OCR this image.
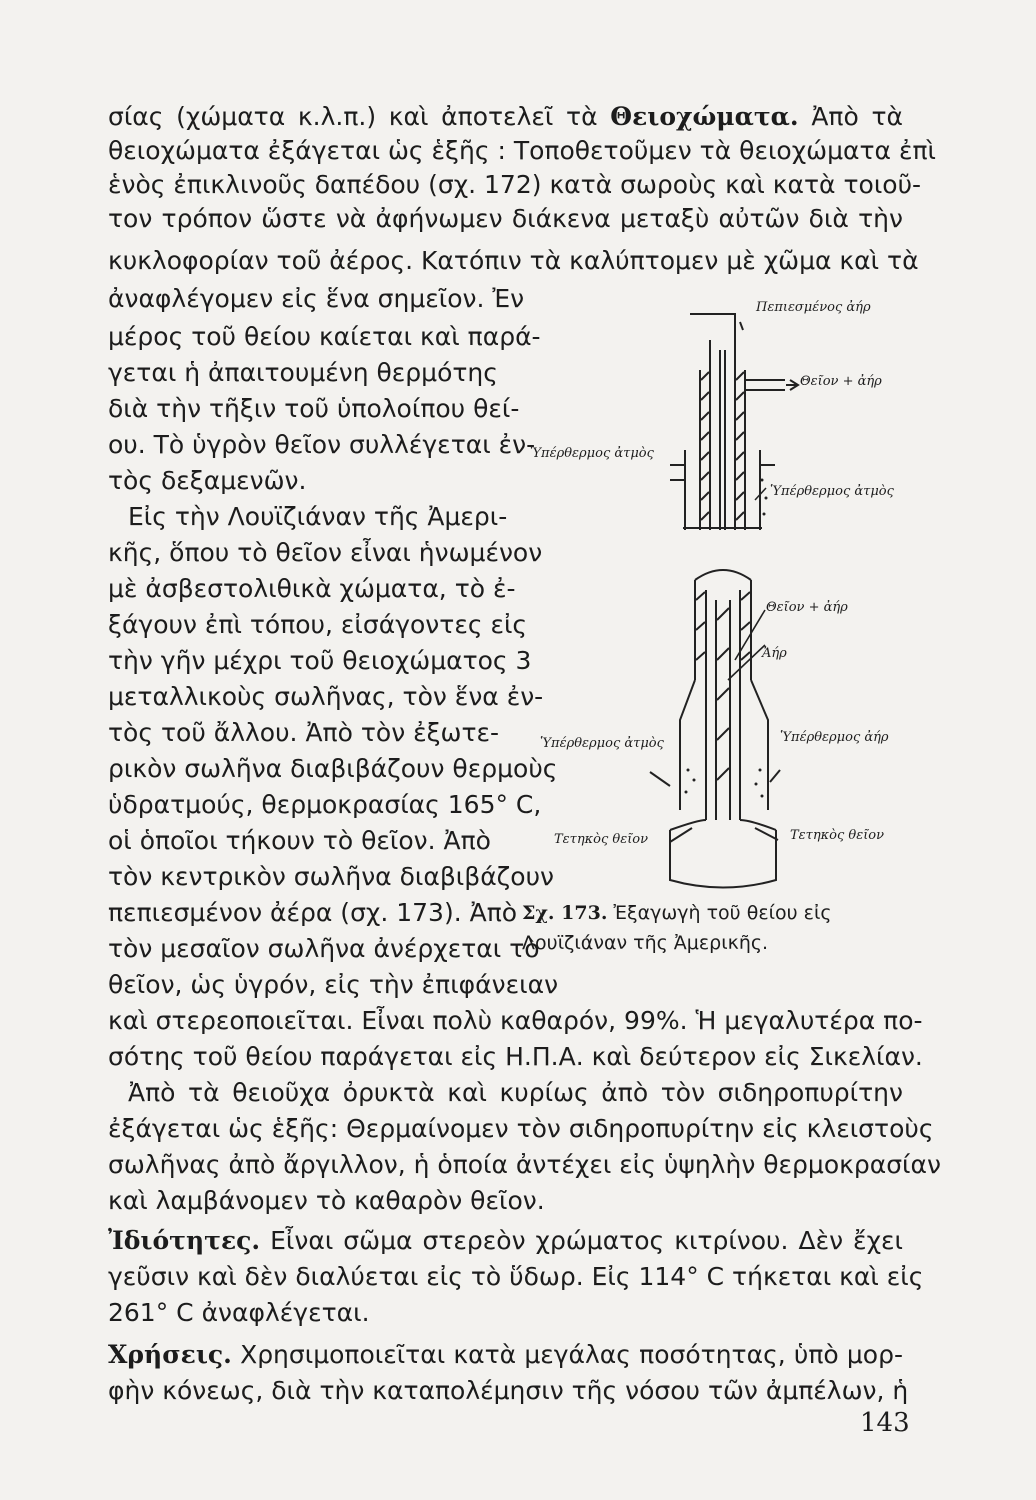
σίας (χώματα κ.λ.π.) καὶ ἀποτελεῖ τὰ Θειοχώματα. Ἀπὸ τὰ
θειοχώματα ἐξάγεται ὡς ἑξῆς : Τοποθετοῦμεν τὰ θειοχώματα ἐπὶ
ἑνὸς ἐπικλινοῦς δαπέδου (σχ. 172) κατὰ σωροὺς καὶ κατὰ τοιοῦ-
τον τρόπον ὥστε νὰ ἀφήνωμεν διάκενα μεταξὺ αὐτῶν διὰ τὴν
κυκλοφορίαν τοῦ ἀέρος. Κατόπιν τὰ καλύπτομεν μὲ χῶμα καὶ τὰ
ἀναφλέγομεν εἰς ἕνα σημεῖον. Ἐν
μέρος τοῦ θείου καίεται καὶ παρά-
γεται ἡ ἀπαιτουμένη θερμότης
διὰ τὴν τῆξιν τοῦ ὑπολοίπου θεί-
ου. Τὸ ὑγρὸν θεῖον συλλέγεται ἐν-
τὸς δεξαμενῶν.
Εἰς τὴν Λουϊζιάναν τῆς Ἀμερι-
κῆς, ὅπου τὸ θεῖον εἶναι ἡνωμένον
μὲ ἀσβεστολιθικὰ χώματα, τὸ ἐ-
ξάγουν ἐπὶ τόπου, εἰσάγοντες εἰς
τὴν γῆν μέχρι τοῦ θειοχώματος 3
μεταλλικοὺς σωλῆνας, τὸν ἕνα ἐν-
τὸς τοῦ ἄλλου. Ἀπὸ τὸν ἐξωτε-
ρικὸν σωλῆνα διαβιβάζουν θερμοὺς
ὑδρατμούς, θερμοκρασίας 165° C,
οἱ ὁποῖοι τήκουν τὸ θεῖον. Ἀπὸ
τὸν κεντρικὸν σωλῆνα διαβιβάζουν
πεπιεσμένον ἀέρα (σχ. 173). Ἀπὸ
τὸν μεσαῖον σωλῆνα ἀνέρχεται τὸ
θεῖον, ὡς ὑγρόν, εἰς τὴν ἐπιφάνειαν
καὶ στερεοποιεῖται. Εἶναι πολὺ καθαρόν, 99%. Ἡ μεγαλυτέρα πο-
σότης τοῦ θείου παράγεται εἰς Η.Π.Α. καὶ δεύτερον εἰς Σικελίαν.
Ἀπὸ τὰ θειοῦχα ὀρυκτὰ καὶ κυρίως ἀπὸ τὸν σιδηροπυρίτην
ἐξάγεται ὡς ἑξῆς: Θερμαίνομεν τὸν σιδηροπυρίτην εἰς κλειστοὺς
σωλῆνας ἀπὸ ἄργιλλον, ἡ ὁποία ἀντέχει εἰς ὑψηλὴν θερμοκρασίαν
καὶ λαμβάνομεν τὸ καθαρὸν θεῖον.
Ἰδιότητες. Εἶναι σῶμα στερεὸν χρώματος κιτρίνου. Δὲν ἔχει
γεῦσιν καὶ δὲν διαλύεται εἰς τὸ ὕδωρ. Εἰς 114° C τήκεται καὶ εἰς
261° C ἀναφλέγεται.
Χρήσεις. Χρησιμοποιεῖται κατὰ μεγάλας ποσότητας, ὑπὸ μορ-
φὴν κόνεως, διὰ τὴν καταπολέμησιν τῆς νόσου τῶν ἀμπέλων, ἡ
Πεπιεσμένος ἀήρ
Θεῖον + ἀήρ
Ὑπέρθερμος ἀτμὸς
Ὑπέρθερμος ἀτμὸς
Θεῖον + ἀήρ
Ἀήρ
Ὑπέρθερμος ἀτμὸς	Ὑπέρθερμος ἀήρ
Τετηκὸς θεῖον	Τετηκὸς θεῖον
Σχ. 173. Ἐξαγωγὴ τοῦ θείου εἰς Λουϊζιάναν τῆς Ἀμερικῆς.
143
